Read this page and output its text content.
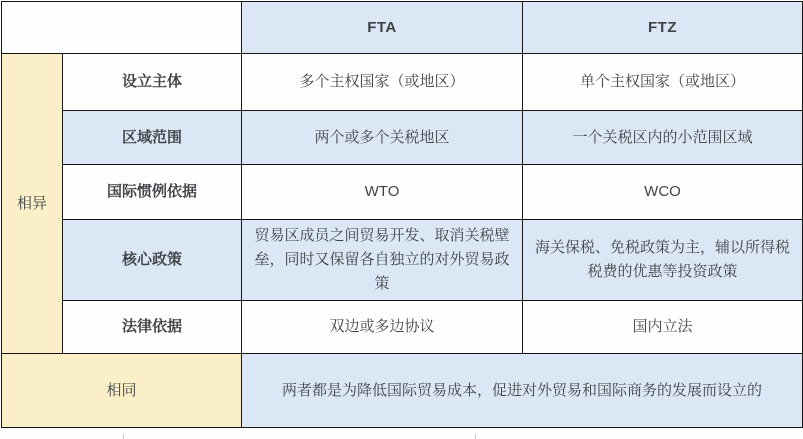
		FTA	FTZ
相异	设立主体	多个主权国家（或地区）	单个主权国家（或地区）
	区域范围	两个或多个关税地区	一个关税区内的小范围区域
	国际惯例依据	WTO	WCO
	核心政策	贸易区成员之间贸易开发、取消关税壁垒，同时又保留各自独立的对外贸易政策	海关保税、免税政策为主，辅以所得税税费的优惠等投资政策
	法律依据	双边或多边协议	国内立法
相同		两者都是为降低国际贸易成本，促进对外贸易和国际商务的发展而设立的	
